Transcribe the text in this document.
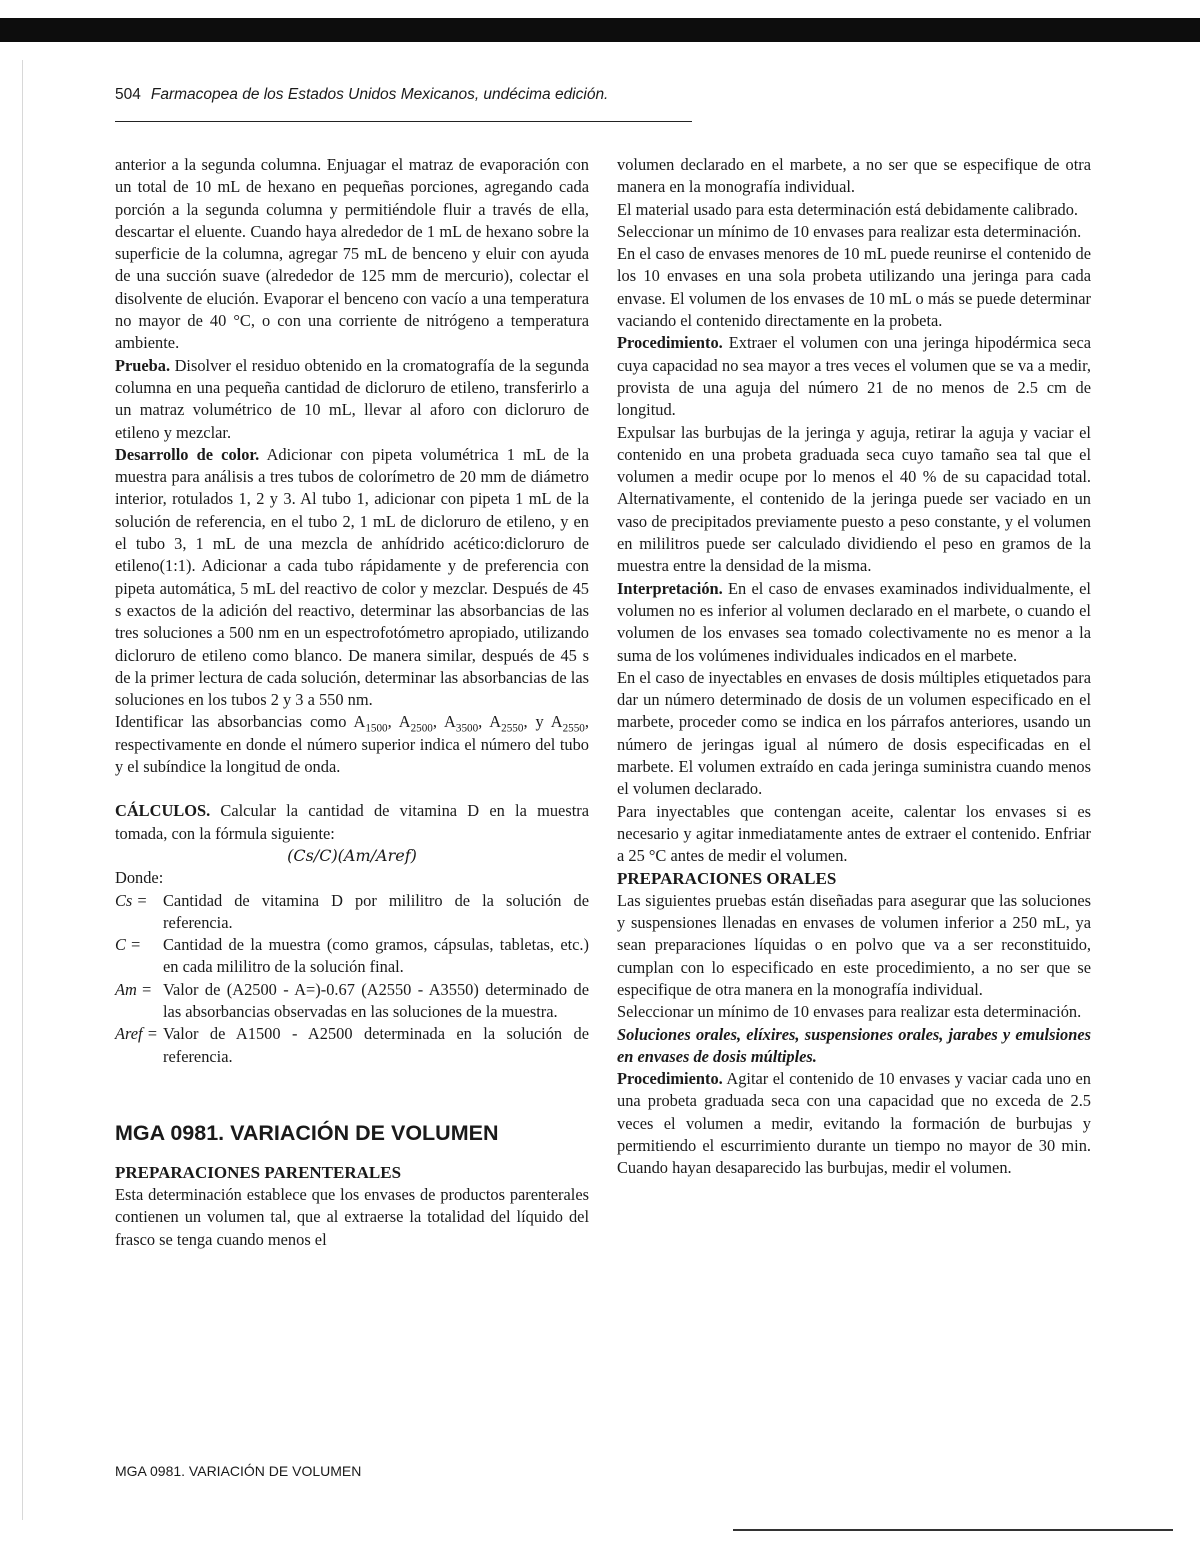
504 Farmacopea de los Estados Unidos Mexicanos, undécima edición.

anterior a la segunda columna. Enjuagar el matraz de evaporación con un total de 10 mL de hexano en pequeñas porciones, agregando cada porción a la segunda columna y permitiéndole fluir a través de ella, descartar el eluente. Cuando haya alrededor de 1 mL de hexano sobre la superficie de la columna, agregar 75 mL de benceno y eluir con ayuda de una succión suave (alrededor de 125 mm de mercurio), colectar el disolvente de elución. Evaporar el benceno con vacío a una temperatura no mayor de 40 °C, o con una corriente de nitrógeno a temperatura ambiente.

Prueba. Disolver el residuo obtenido en la cromatografía de la segunda columna en una pequeña cantidad de dicloruro de etileno, transferirlo a un matraz volumétrico de 10 mL, llevar al aforo con dicloruro de etileno y mezclar.

Desarrollo de color. Adicionar con pipeta volumétrica 1 mL de la muestra para análisis a tres tubos de colorímetro de 20 mm de diámetro interior, rotulados 1, 2 y 3. Al tubo 1, adicionar con pipeta 1 mL de la solución de referencia, en el tubo 2, 1 mL de dicloruro de etileno, y en el tubo 3, 1 mL de una mezcla de anhídrido acético:dicloruro de etileno(1:1). Adicionar a cada tubo rápidamente y de preferencia con pipeta automática, 5 mL del reactivo de color y mezclar. Después de 45 s exactos de la adición del reactivo, determinar las absorbancias de las tres soluciones a 500 nm en un espectrofotómetro apropiado, utilizando dicloruro de etileno como blanco. De manera similar, después de 45 s de la primer lectura de cada solución, determinar las absorbancias de las soluciones en los tubos 2 y 3 a 550 nm.

Identificar las absorbancias como $A_{1500}$, $A_{2500}$, $A_{3500}$, $A_{2550}$, y $A_{2550}$, respectivamente en donde el número superior indica el número del tubo y el subíndice la longitud de onda.

CÁLCULOS. Calcular la cantidad de vitamina D en la muestra tomada, con la fórmula siguiente:

(Cs/C)(Am/Aref)

Donde:

Cs = Cantidad de vitamina D por mililitro de la solución de referencia.
C =	Cantidad de la muestra (como gramos, cápsulas, tabletas, etc.) en cada mililitro de la solución final.
Am = Valor de (A2500 - A=)-0.67 (A2550 - A3550) determinado de las absorbancias observadas en las soluciones de la muestra.
Aref = Valor de A1500 - A2500 determinada en la solución de referencia.
MGA 0981. VARIACIÓN DE VOLUMEN

PREPARACIONES PARENTERALES

Esta determinación establece que los envases de productos parenterales contienen un volumen tal, que al extraerse la totalidad del líquido del frasco se tenga cuando menos el

volumen declarado en el marbete, a no ser que se especifique de otra manera en la monografía individual.

El material usado para esta determinación está debidamente calibrado.

Seleccionar un mínimo de 10 envases para realizar esta determinación.

En el caso de envases menores de 10 mL puede reunirse el contenido de los 10 envases en una sola probeta utilizando una jeringa para cada envase. El volumen de los envases de 10 mL o más se puede determinar vaciando el contenido directamente en la probeta.

Procedimiento. Extraer el volumen con una jeringa hipodérmica seca cuya capacidad no sea mayor a tres veces el volumen que se va a medir, provista de una aguja del número 21 de no menos de 2.5 cm de longitud.

Expulsar las burbujas de la jeringa y aguja, retirar la aguja y vaciar el contenido en una probeta graduada seca cuyo tamaño sea tal que el volumen a medir ocupe por lo menos el 40 % de su capacidad total. Alternativamente, el contenido de la jeringa puede ser vaciado en un vaso de precipitados previamente puesto a peso constante, y el volumen en mililitros puede ser calculado dividiendo el peso en gramos de la muestra entre la densidad de la misma.

Interpretación. En el caso de envases examinados individualmente, el volumen no es inferior al volumen declarado en el marbete, o cuando el volumen de los envases sea tomado colectivamente no es menor a la suma de los volúmenes individuales indicados en el marbete.

En el caso de inyectables en envases de dosis múltiples etiquetados para dar un número determinado de dosis de un volumen especificado en el marbete, proceder como se indica en los párrafos anteriores, usando un número de jeringas igual al número de dosis especificadas en el marbete. El volumen extraído en cada jeringa suministra cuando menos el volumen declarado.

Para inyectables que contengan aceite, calentar los envases si es necesario y agitar inmediatamente antes de extraer el contenido. Enfriar a 25 °C antes de medir el volumen.

PREPARACIONES ORALES

Las siguientes pruebas están diseñadas para asegurar que las soluciones y suspensiones llenadas en envases de volumen inferior a 250 mL, ya sean preparaciones líquidas o en polvo que va a ser reconstituido, cumplan con lo especificado en este procedimiento, a no ser que se especifique de otra manera en la monografía individual.

Seleccionar un mínimo de 10 envases para realizar esta determinación.

Soluciones orales, elíxires, suspensiones orales, jarabes y emulsiones en envases de dosis múltiples.

Procedimiento. Agitar el contenido de 10 envases y vaciar cada uno en una probeta graduada seca con una capacidad que no exceda de 2.5 veces el volumen a medir, evitando la formación de burbujas y permitiendo el escurrimiento durante un tiempo no mayor de 30 min. Cuando hayan desaparecido las burbujas, medir el volumen.

MGA 0981. VARIACIÓN DE VOLUMEN
